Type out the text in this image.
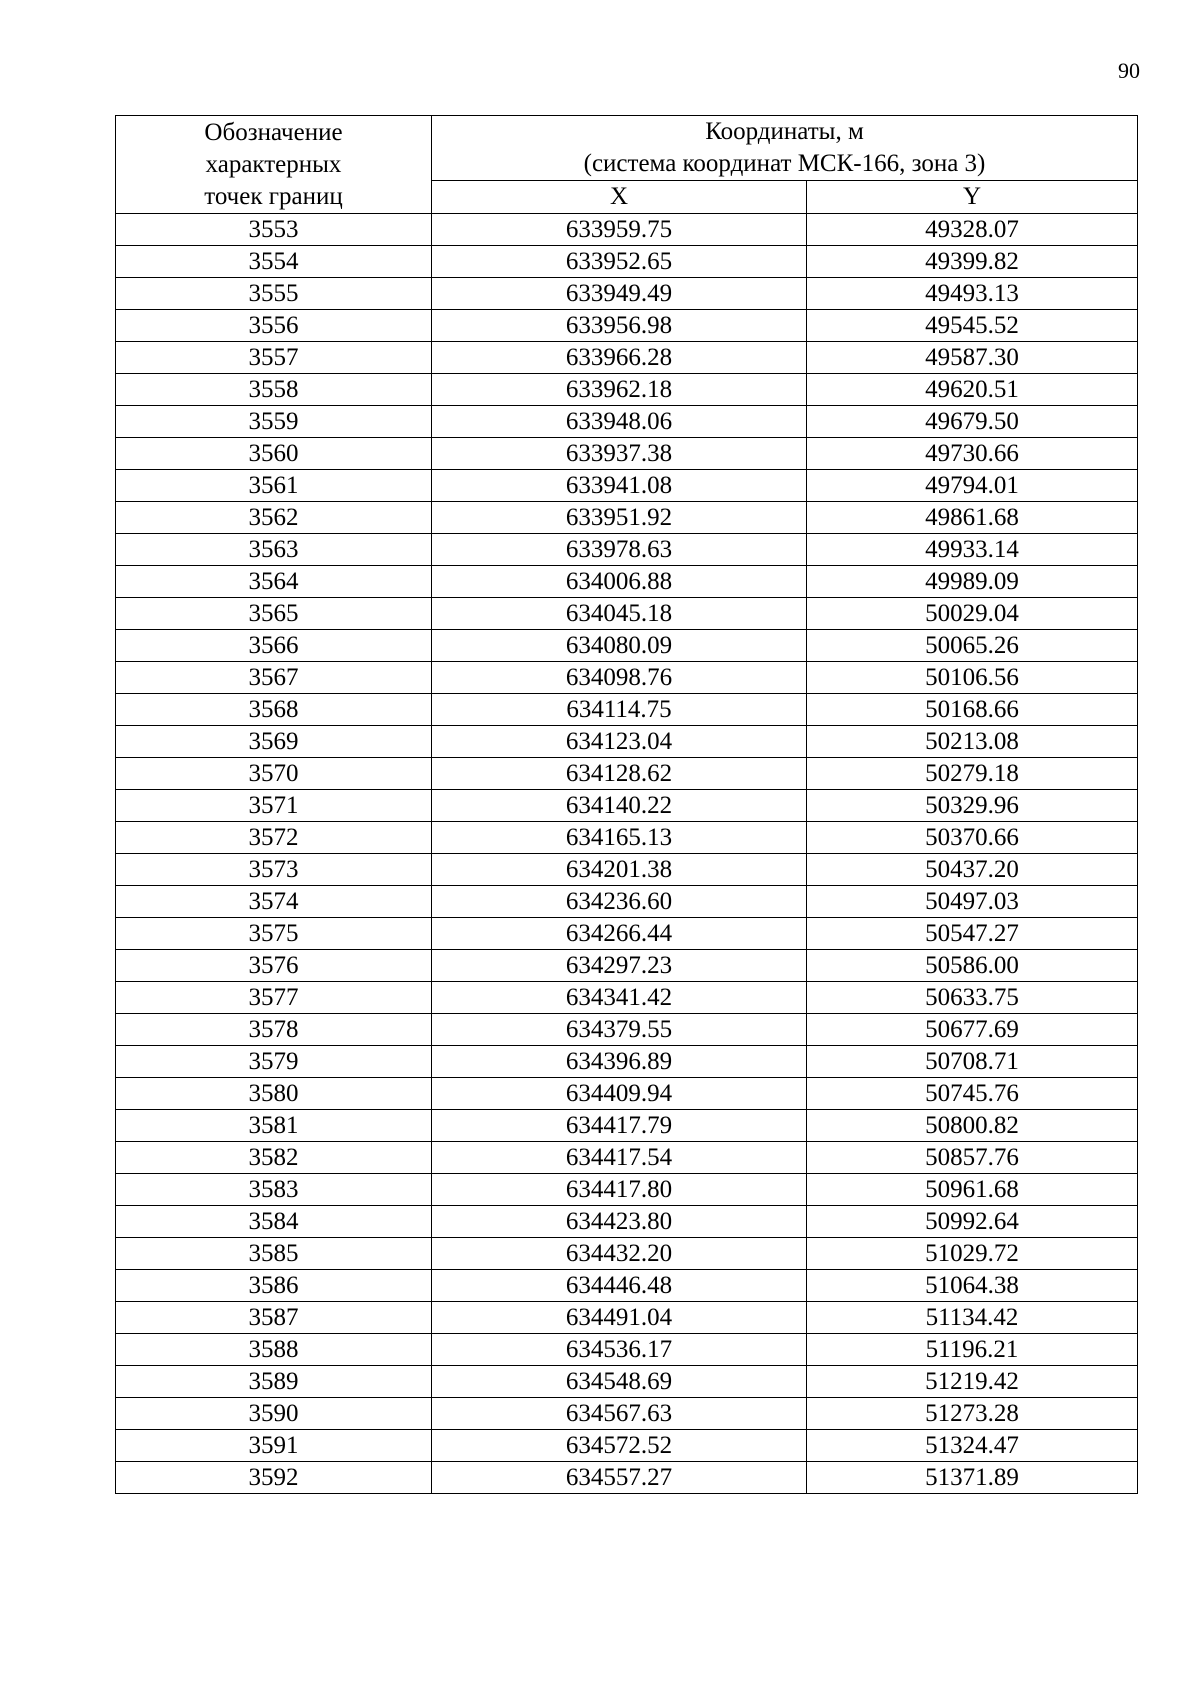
90
Обозначение
характерных
точек границ	Координаты, м
(система координат МСК-166, зона 3)	

	X	Y
3553	633959.75	49328.07
3554	633952.65	49399.82
3555	633949.49	49493.13
3556	633956.98	49545.52
3557	633966.28	49587.30
3558	633962.18	49620.51
3559	633948.06	49679.50
3560	633937.38	49730.66
3561	633941.08	49794.01
3562	633951.92	49861.68
3563	633978.63	49933.14
3564	634006.88	49989.09
3565	634045.18	50029.04
3566	634080.09	50065.26
3567	634098.76	50106.56
3568	634114.75	50168.66
3569	634123.04	50213.08
3570	634128.62	50279.18
3571	634140.22	50329.96
3572	634165.13	50370.66
3573	634201.38	50437.20
3574	634236.60	50497.03
3575	634266.44	50547.27
3576	634297.23	50586.00
3577	634341.42	50633.75
3578	634379.55	50677.69
3579	634396.89	50708.71
3580	634409.94	50745.76
3581	634417.79	50800.82
3582	634417.54	50857.76
3583	634417.80	50961.68
3584	634423.80	50992.64
3585	634432.20	51029.72
3586	634446.48	51064.38
3587	634491.04	51134.42
3588	634536.17	51196.21
3589	634548.69	51219.42
3590	634567.63	51273.28
3591	634572.52	51324.47
3592	634557.27	51371.89
